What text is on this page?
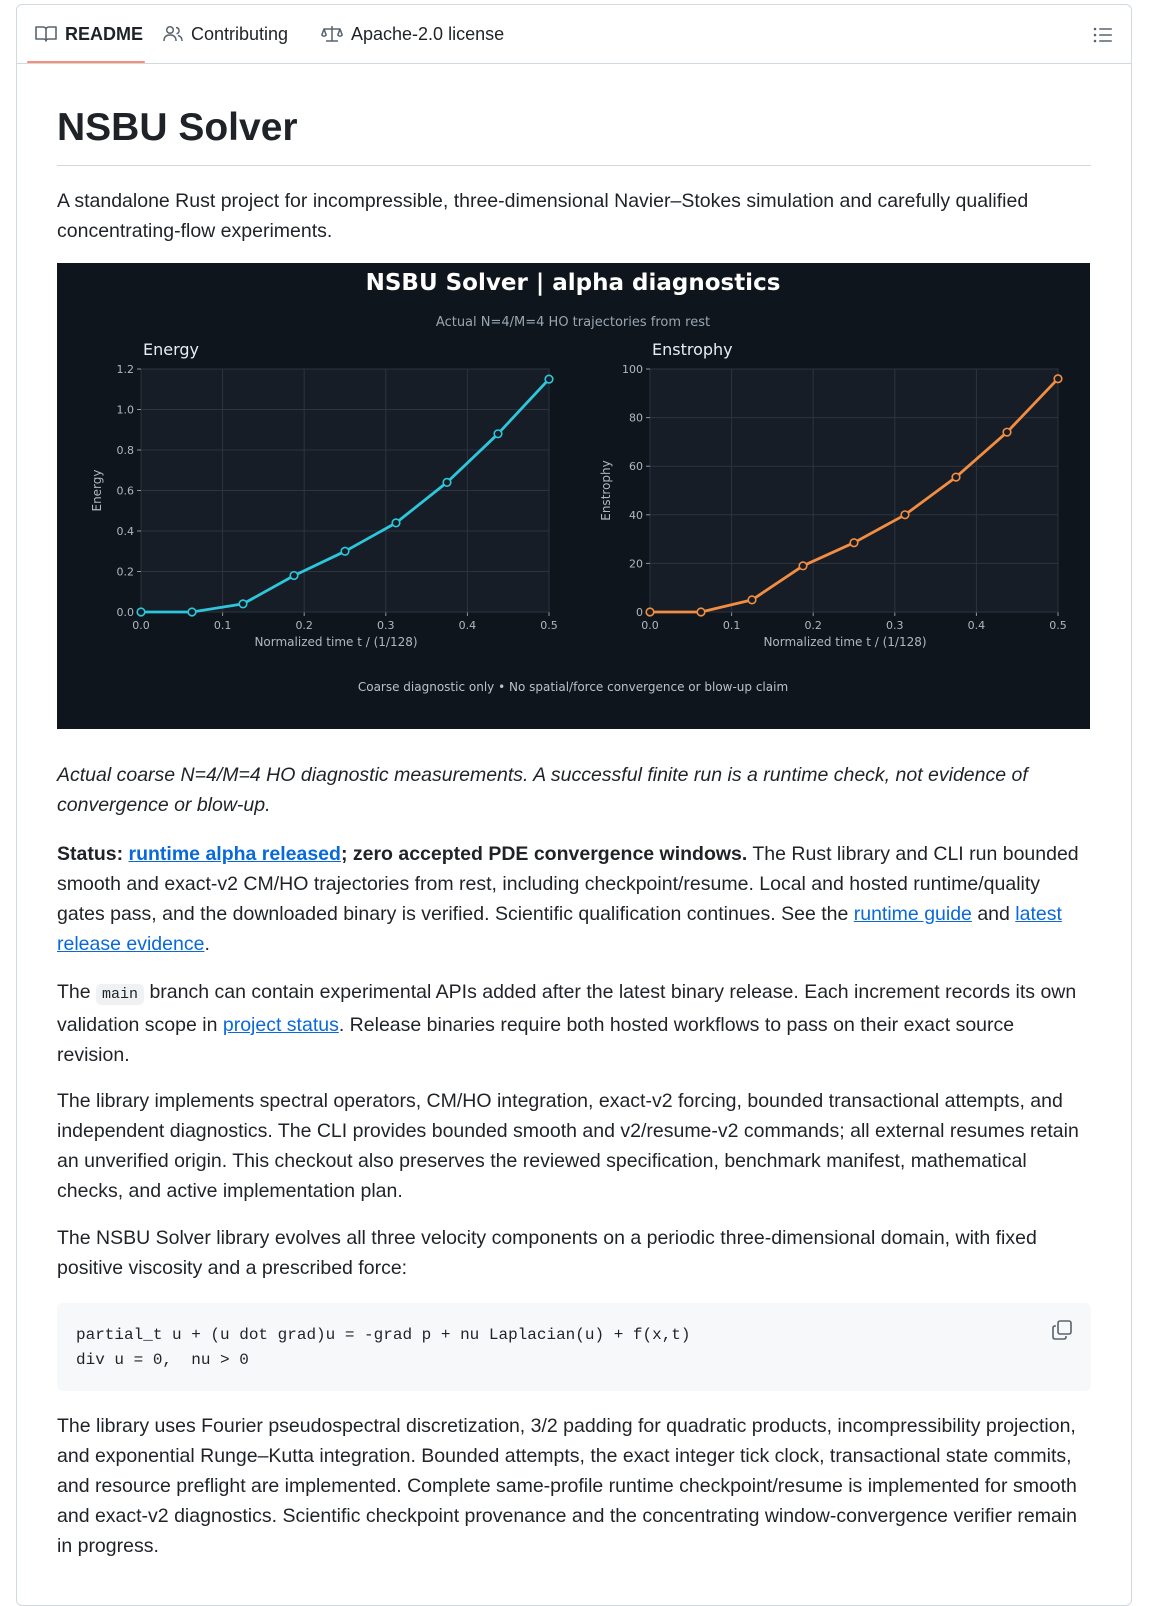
README	Contributing	Apache-2.0 license
NSBU Solver

A standalone Rust project for incompressible, three-dimensional Navier–Stokes simulation and carefully qualified concentrating-flow experiments.

NSBU Solver | alpha diagnostics
Actual N=4/M=4 HO trajectories from rest
Coarse diagnostic only • No spatial/force convergence or blow-up claim
0.0	0.1	0.2	0.3	0.4	0.5
0.0
0.2
0.4
0.6
0.8
1.0
1.2
Energy
Normalized time t / (1/128)
Energy
0.0	0.1	0.2	0.3	0.4	0.5
0
20
40
60
80
100
Enstrophy
Normalized time t / (1/128)
Enstrophy

Actual coarse N=4/M=4 HO diagnostic measurements. A successful finite run is a runtime check, not evidence of convergence or blow-up.

Status: runtime alpha released; zero accepted PDE convergence windows. The Rust library and CLI run bounded smooth and exact-v2 CM/HO trajectories from rest, including checkpoint/resume. Local and hosted runtime/quality gates pass, and the downloaded binary is verified. Scientific qualification continues. See the runtime guide and latest release evidence.

The main branch can contain experimental APIs added after the latest binary release. Each increment records its own validation scope in project status. Release binaries require both hosted workflows to pass on their exact source revision.

The library implements spectral operators, CM/HO integration, exact-v2 forcing, bounded transactional attempts, and independent diagnostics. The CLI provides bounded smooth and v2/resume-v2 commands; all external resumes retain an unverified origin. This checkout also preserves the reviewed specification, benchmark manifest, mathematical checks, and active implementation plan.

The NSBU Solver library evolves all three velocity components on a periodic three-dimensional domain, with fixed positive viscosity and a prescribed force:

partial_t u + (u dot grad)u = -grad p + nu Laplacian(u) + f(x,t)
div u = 0,  nu > 0

The library uses Fourier pseudospectral discretization, 3/2 padding for quadratic products, incompressibility projection, and exponential Runge–Kutta integration. Bounded attempts, the exact integer tick clock, transactional state commits, and resource preflight are implemented. Complete same-profile runtime checkpoint/resume is implemented for smooth and exact-v2 diagnostics. Scientific checkpoint provenance and the concentrating window-convergence verifier remain in progress.
